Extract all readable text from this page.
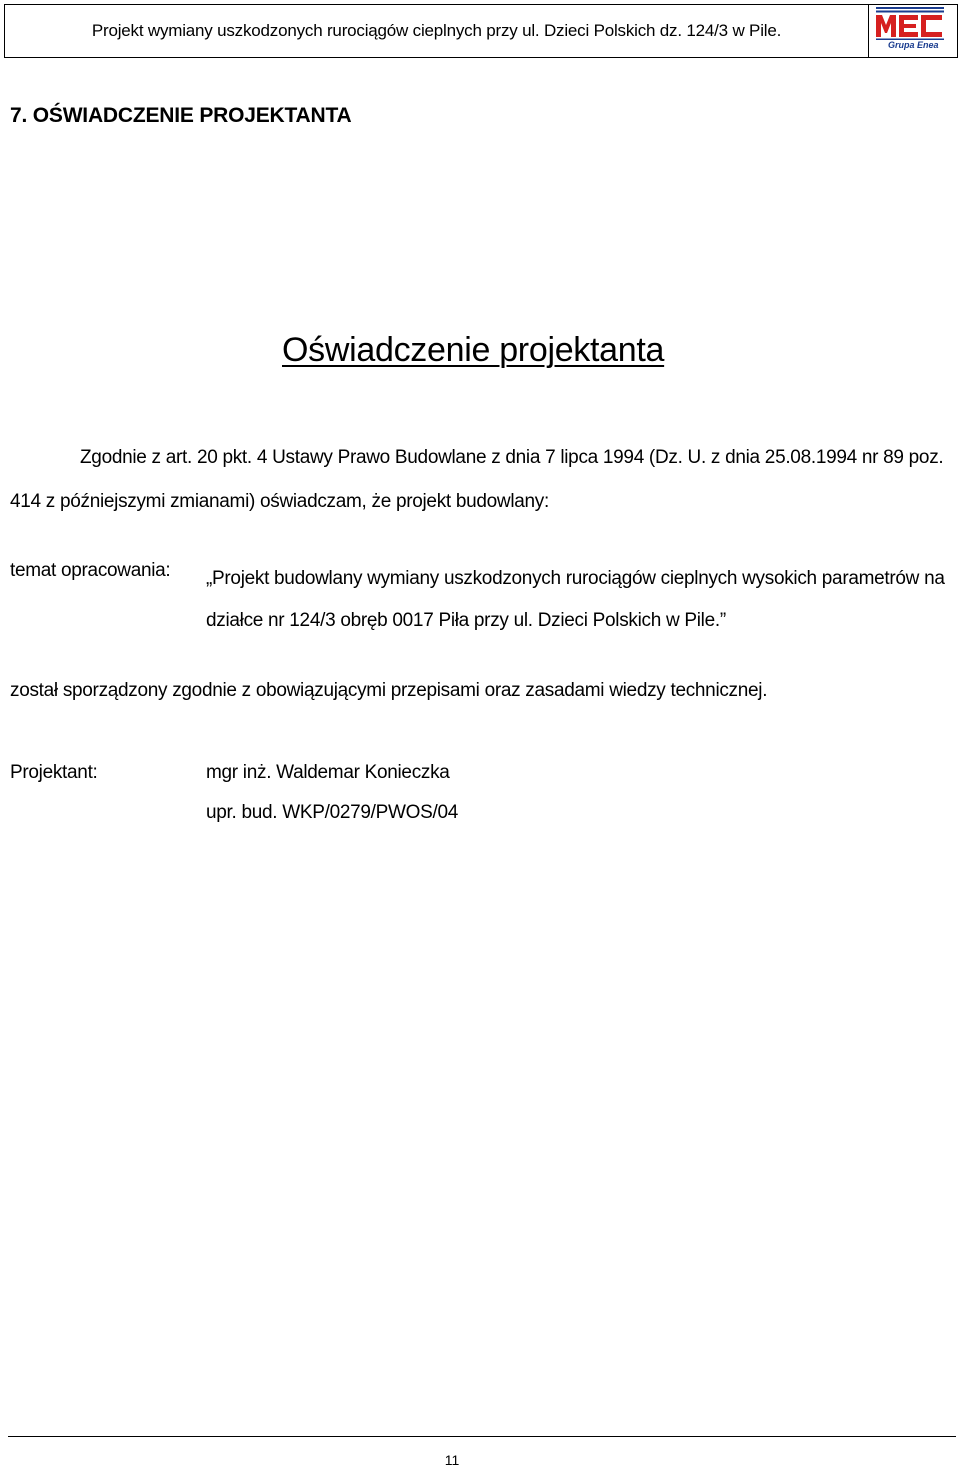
Projekt wymiany uszkodzonych rurociągów cieplnych przy ul. Dzieci Polskich dz. 124/3 w Pile.
Grupa Enea
7. OŚWIADCZENIE PROJEKTANTA
Oświadczenie projektanta
Zgodnie z art. 20 pkt. 4 Ustawy Prawo Budowlane z dnia 7 lipca 1994 (Dz. U. z dnia 25.08.1994 nr 89 poz. 414 z późniejszymi zmianami) oświadczam, że projekt budowlany:
temat opracowania: „Projekt budowlany wymiany uszkodzonych rurociągów cieplnych wysokich parametrów na działce nr 124/3 obręb 0017 Piła przy ul. Dzieci Polskich w Pile.”
został sporządzony zgodnie z obowiązującymi przepisami oraz zasadami wiedzy technicznej.
Projektant:	mgr inż. Waldemar Konieczka
upr. bud. WKP/0279/PWOS/04
11
